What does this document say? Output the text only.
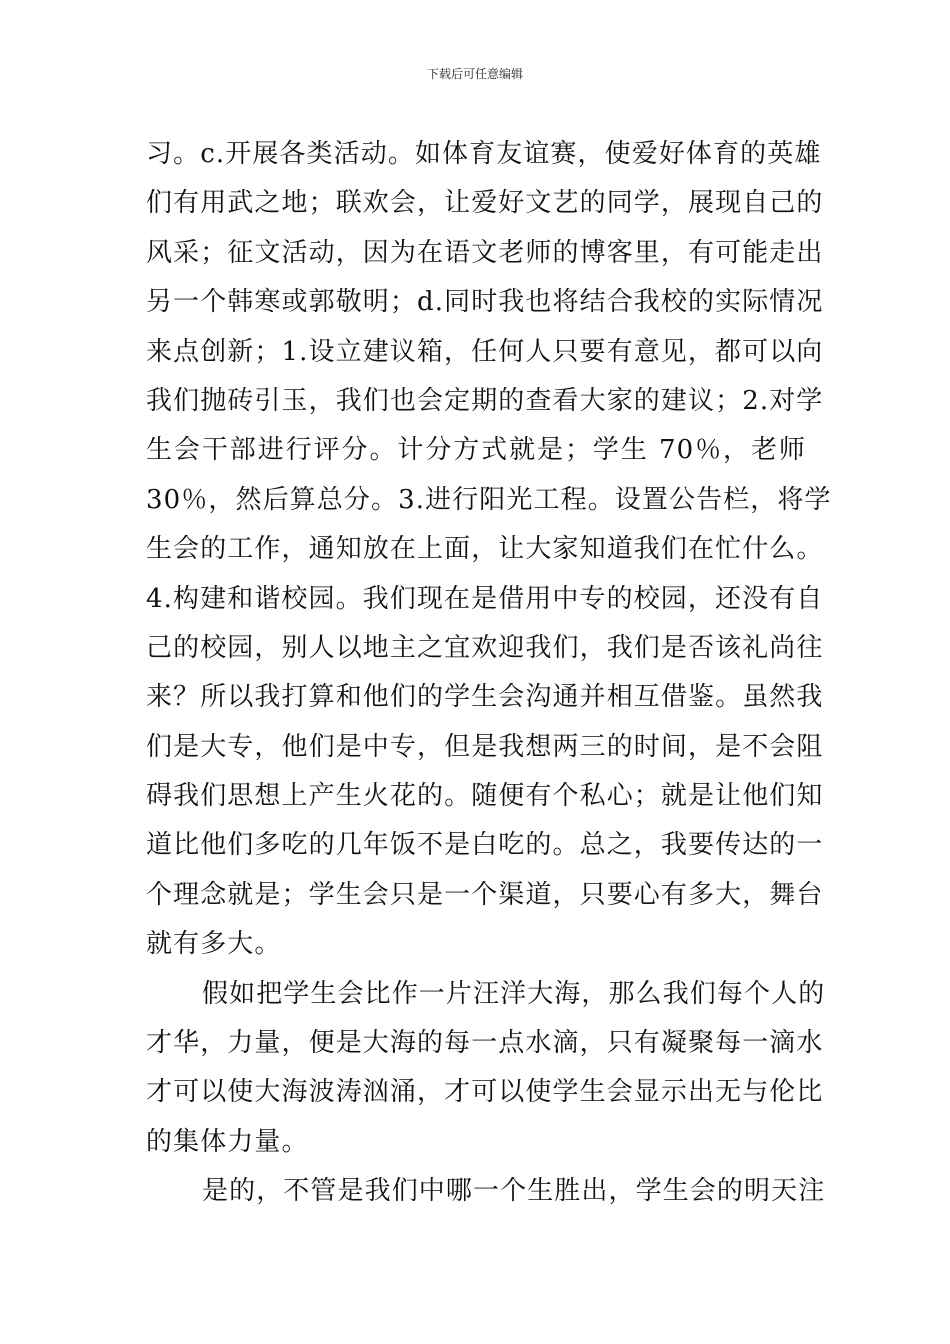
下载后可任意编辑
习。c.开展各类活动。如体育友谊赛，使爱好体育的英雄
们有用武之地；联欢会，让爱好文艺的同学，展现自己的
风采；征文活动，因为在语文老师的博客里，有可能走出
另一个韩寒或郭敬明；d.同时我也将结合我校的实际情况
来点创新；1.设立建议箱，任何人只要有意见，都可以向
我们抛砖引玉，我们也会定期的查看大家的建议；2.对学
生会干部进行评分。计分方式就是；学生 70％，老师
30％，然后算总分。3.进行阳光工程。设置公告栏，将学
生会的工作，通知放在上面，让大家知道我们在忙什么。
4.构建和谐校园。我们现在是借用中专的校园，还没有自
己的校园，别人以地主之宜欢迎我们，我们是否该礼尚往
来？所以我打算和他们的学生会沟通并相互借鉴。虽然我
们是大专，他们是中专，但是我想两三的时间，是不会阻
碍我们思想上产生火花的。随便有个私心；就是让他们知
道比他们多吃的几年饭不是白吃的。总之，我要传达的一
个理念就是；学生会只是一个渠道，只要心有多大，舞台
就有多大。
假如把学生会比作一片汪洋大海，那么我们每个人的
才华，力量，便是大海的每一点水滴，只有凝聚每一滴水
才可以使大海波涛汹涌，才可以使学生会显示出无与伦比
的集体力量。
是的，不管是我们中哪一个生胜出，学生会的明天注
